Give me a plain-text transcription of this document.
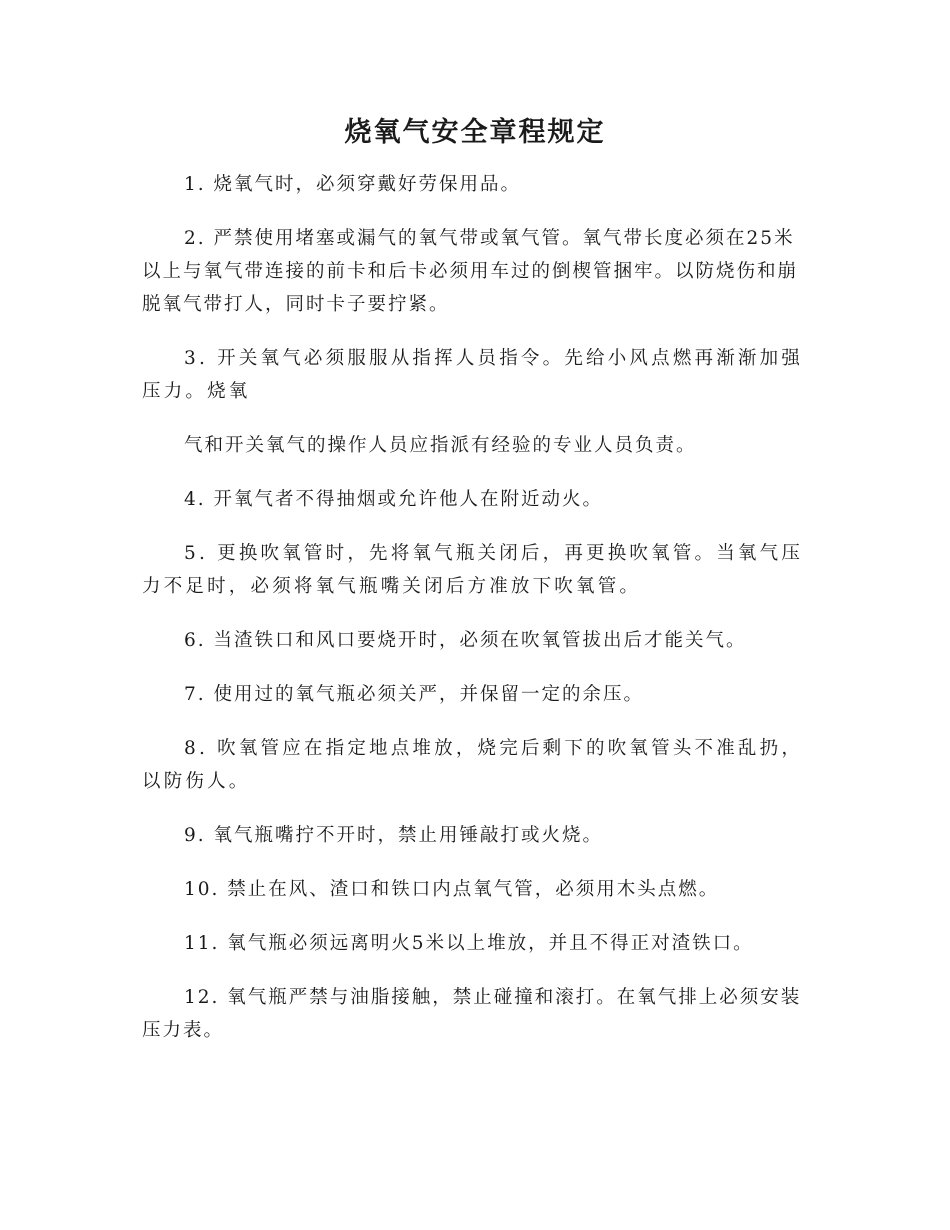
烧氧气安全章程规定

1. 烧氧气时，必须穿戴好劳保用品。

2. 严禁使用堵塞或漏气的氧气带或氧气管。氧气带长度必须在25米以上与氧气带连接的前卡和后卡必须用车过的倒楔管捆牢。以防烧伤和崩脱氧气带打人，同时卡子要拧紧。

3. 开关氧气必须服服从指挥人员指令。先给小风点燃再渐渐加强压力。烧氧

气和开关氧气的操作人员应指派有经验的专业人员负责。

4. 开氧气者不得抽烟或允许他人在附近动火。

5. 更换吹氧管时，先将氧气瓶关闭后，再更换吹氧管。当氧气压力不足时，必须将氧气瓶嘴关闭后方准放下吹氧管。

6. 当渣铁口和风口要烧开时，必须在吹氧管拔出后才能关气。

7. 使用过的氧气瓶必须关严，并保留一定的余压。

8. 吹氧管应在指定地点堆放，烧完后剩下的吹氧管头不准乱扔，以防伤人。

9. 氧气瓶嘴拧不开时，禁止用锤敲打或火烧。

10. 禁止在风、渣口和铁口内点氧气管，必须用木头点燃。

11. 氧气瓶必须远离明火5米以上堆放，并且不得正对渣铁口。

12. 氧气瓶严禁与油脂接触，禁止碰撞和滚打。在氧气排上必须安装压力表。
